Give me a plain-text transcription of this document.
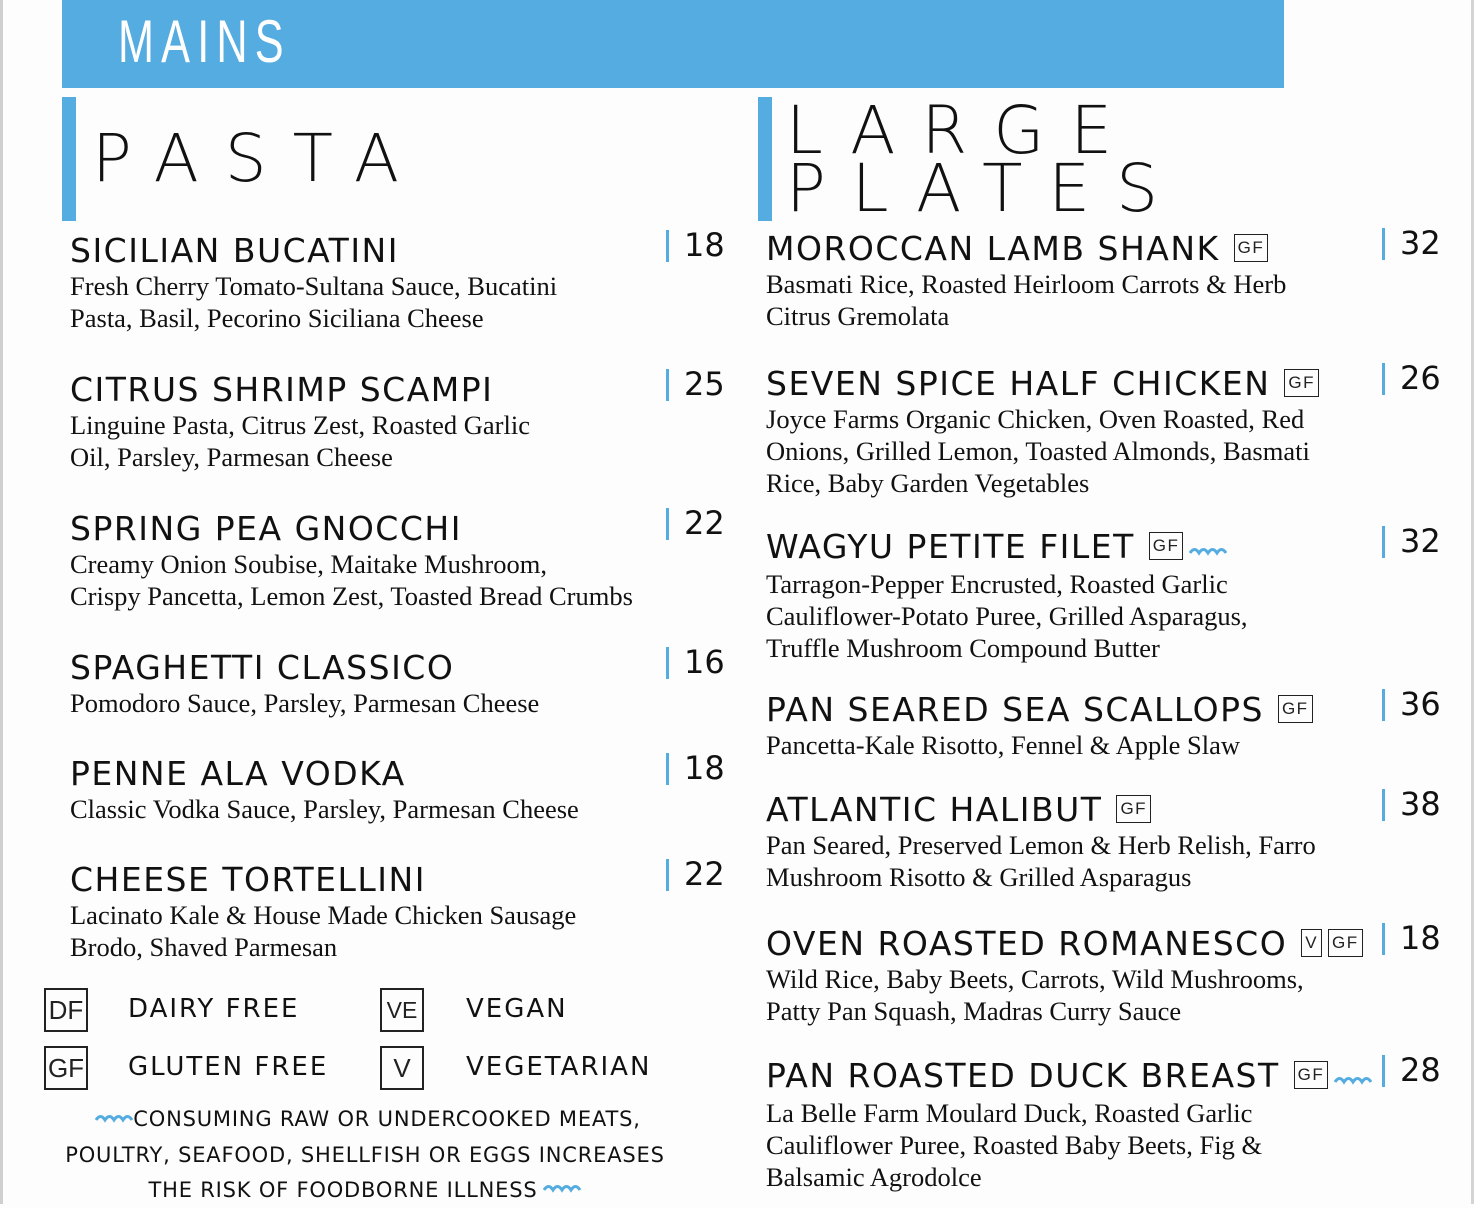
MAINS
PASTA
SICILIAN BUCATINI
Fresh Cherry Tomato-Sultana Sauce, Bucatini
Pasta, Basil, Pecorino Siciliana Cheese
18
CITRUS SHRIMP SCAMPI
Linguine Pasta, Citrus Zest, Roasted Garlic
Oil, Parsley, Parmesan Cheese
25
SPRING PEA GNOCCHI
Creamy Onion Soubise, Maitake Mushroom,
Crispy Pancetta, Lemon Zest, Toasted Bread Crumbs
22
SPAGHETTI CLASSICO
Pomodoro Sauce, Parsley, Parmesan Cheese
16
PENNE ALA VODKA
Classic Vodka Sauce, Parsley, Parmesan Cheese
18
CHEESE TORTELLINI
Lacinato Kale & House Made Chicken Sausage
Brodo, Shaved Parmesan
22
LARGE
PLATES
MOROCCAN LAMB SHANK GF
Basmati Rice, Roasted Heirloom Carrots & Herb
Citrus Gremolata
32
SEVEN SPICE HALF CHICKEN GF
Joyce Farms Organic Chicken, Oven Roasted, Red
Onions, Grilled Lemon, Toasted Almonds, Basmati
Rice, Baby Garden Vegetables
26
WAGYU PETITE FILET GF
Tarragon-Pepper Encrusted, Roasted Garlic
Cauliflower-Potato Puree, Grilled Asparagus,
Truffle Mushroom Compound Butter
32
PAN SEARED SEA SCALLOPS GF
Pancetta-Kale Risotto, Fennel & Apple Slaw
36
ATLANTIC HALIBUT GF
Pan Seared, Preserved Lemon & Herb Relish, Farro
Mushroom Risotto & Grilled Asparagus
38
OVEN ROASTED ROMANESCO V GF
Wild Rice, Baby Beets, Carrots, Wild Mushrooms,
Patty Pan Squash, Madras Curry Sauce
18
PAN ROASTED DUCK BREAST GF
La Belle Farm Moulard Duck, Roasted Garlic
Cauliflower Puree, Roasted Baby Beets, Fig &
Balsamic Agrodolce
28
DF DAIRY FREE	VE VEGAN
GF GLUTEN FREE	V	VEGETARIAN
CONSUMING RAW OR UNDERCOOKED MEATS,
POULTRY, SEAFOOD, SHELLFISH OR EGGS INCREASES
THE RISK OF FOODBORNE ILLNESS
